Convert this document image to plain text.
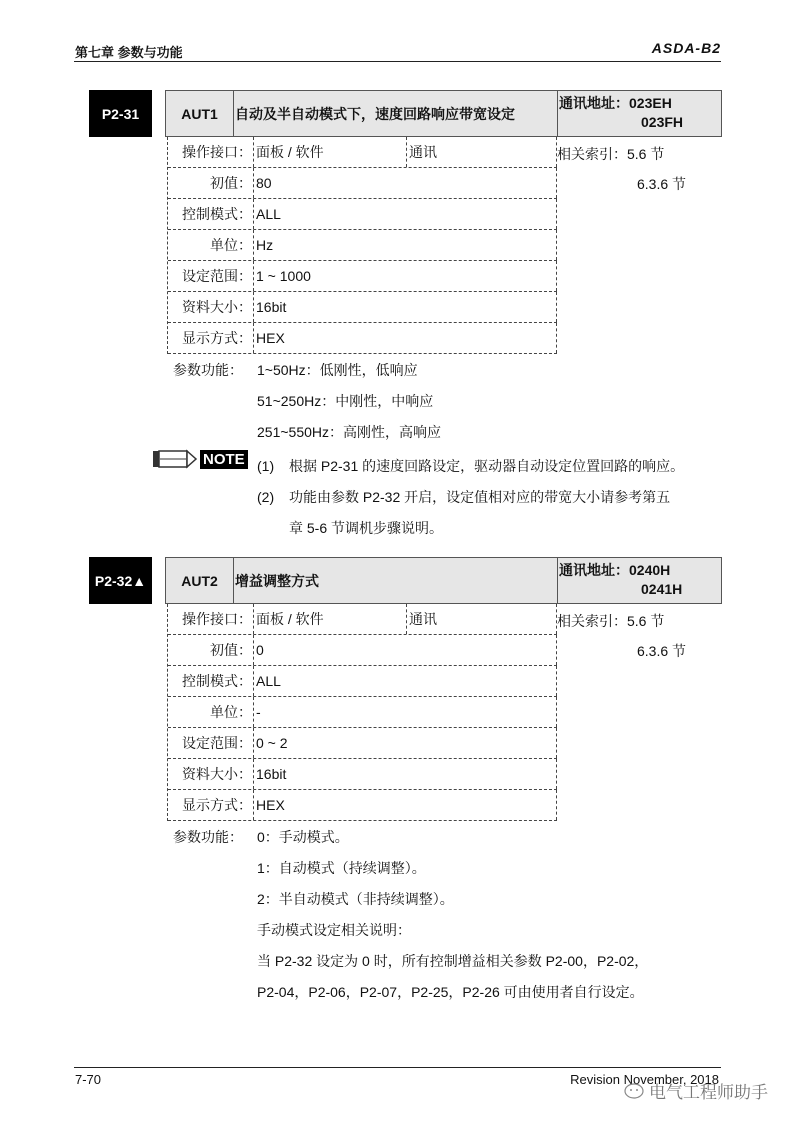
第七章 参数与功能	ASDA-B2
P2-31	AUT1	自动及半自动模式下，速度回路响应带宽设定
通讯地址：023EH
023FH
操作接口： 面板 / 软件	通讯
初值： 80
控制模式： ALL
单位： Hz
设定范围： 1 ~ 1000
资料大小： 16bit
显示方式： HEX
相关索引：5.6 节
6.3.6 节
参数功能： 1~50Hz：低刚性，低响应
51~250Hz：中刚性，中响应
251~550Hz：高刚性，高响应
NOTE (1) 根据 P2-31 的速度回路设定，驱动器自动设定位置回路的响应。
(2) 功能由参数 P2-32 开启，设定值相对应的带宽大小请参考第五
章 5-6 节调机步骤说明。
P2-32▲	AUT2	增益调整方式
通讯地址：0240H
0241H
操作接口： 面板 / 软件	通讯
初值： 0
控制模式： ALL
单位： -
设定范围： 0 ~ 2
资料大小： 16bit
显示方式： HEX
相关索引：5.6 节
6.3.6 节
参数功能： 0：手动模式。
1：自动模式（持续调整）。
2：半自动模式（非持续调整）。
手动模式设定相关说明：
当 P2-32 设定为 0 时，所有控制增益相关参数 P2-00，P2-02，
P2-04，P2-06，P2-07，P2-25，P2-26 可由使用者自行设定。
7-70	Revision November, 2018
电气工程师助手
